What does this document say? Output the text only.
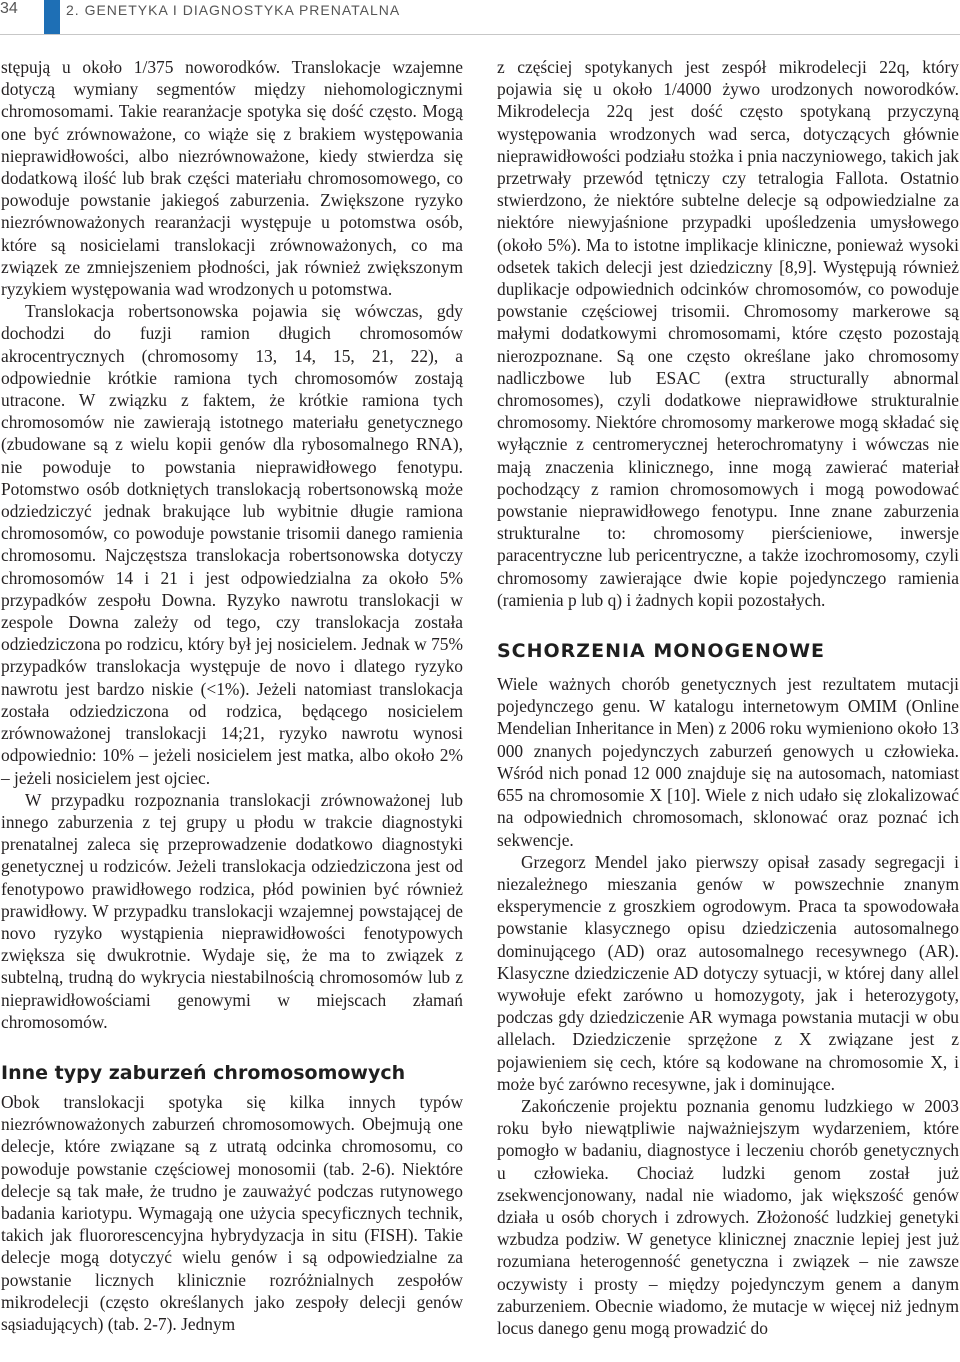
34	2. GENETYKA I DIAGNOSTYKA PRENATALNA

stępują u około 1/375 noworodków. Translokacje wzajemne dotyczą wymiany segmentów między niehomologicznymi chromosomami. Takie rearanżacje spotyka się dość często. Mogą one być zrównoważone, co wiąże się z brakiem występowania nieprawidłowości, albo niezrównoważone, kiedy stwierdza się dodatkową ilość lub brak części materiału chromosomowego, co powoduje powstanie jakiegoś zaburzenia. Zwiększone ryzyko niezrównoważonych rearanżacji występuje u potomstwa osób, które są nosicielami translokacji zrównoważonych, co ma związek ze zmniejszeniem płodności, jak również zwiększonym ryzykiem występowania wad wrodzonych u potomstwa.

Translokacja robertsonowska pojawia się wówczas, gdy dochodzi do fuzji ramion długich chromosomów akrocentrycznych (chromosomy 13, 14, 15, 21, 22), a odpowiednie krótkie ramiona tych chromosomów zostają utracone. W związku z faktem, że krótkie ramiona tych chromosomów nie zawierają istotnego materiału genetycznego (zbudowane są z wielu kopii genów dla rybosomalnego RNA), nie powoduje to powstania nieprawidłowego fenotypu. Potomstwo osób dotkniętych translokacją robertsonowską może odziedziczyć jednak brakujące lub wybitnie długie ramiona chromosomów, co powoduje powstanie trisomii danego ramienia chromosomu. Najczęstsza translokacja robertsonowska dotyczy chromosomów 14 i 21 i jest odpowiedzialna za około 5% przypadków zespołu Downa. Ryzyko nawrotu translokacji w zespole Downa zależy od tego, czy translokacja została odziedziczona po rodzicu, który był jej nosicielem. Jednak w 75% przypadków translokacja występuje de novo i dlatego ryzyko nawrotu jest bardzo niskie (<1%). Jeżeli natomiast translokacja została odziedziczona od rodzica, będącego nosicielem zrównoważonej translokacji 14;21, ryzyko nawrotu wynosi odpowiednio: 10% – jeżeli nosicielem jest matka, albo około 2% – jeżeli nosicielem jest ojciec.

W przypadku rozpoznania translokacji zrównoważonej lub innego zaburzenia z tej grupy u płodu w trakcie diagnostyki prenatalnej zaleca się przeprowadzenie dodatkowo diagnostyki genetycznej u rodziców. Jeżeli translokacja odziedziczona jest od fenotypowo prawidłowego rodzica, płód powinien być również prawidłowy. W przypadku translokacji wzajemnej powstającej de novo ryzyko wystąpienia nieprawidłowości fenotypowych zwiększa się dwukrotnie. Wydaje się, że ma to związek z subtelną, trudną do wykrycia niestabilnością chromosomów lub z nieprawidłowościami genowymi w miejscach złamań chromosomów.

Inne typy zaburzeń chromosomowych

Obok translokacji spotyka się kilka innych typów niezrównoważonych zaburzeń chromosomowych. Obejmują one delecje, które związane są z utratą odcinka chromosomu, co powoduje powstanie częściowej monosomii (tab. 2-6). Niektóre delecje są tak małe, że trudno je zauważyć podczas rutynowego badania kariotypu. Wymagają one użycia specyficznych technik, takich jak fluororescencyjna hybrydyzacja in situ (FISH). Takie delecje mogą dotyczyć wielu genów i są odpowiedzialne za powstanie licznych klinicznie rozróżnialnych zespołów mikrodelecji (często określanych jako zespoły delecji genów sąsiadujących) (tab. 2-7). Jednym

z częściej spotykanych jest zespół mikrodelecji 22q, który pojawia się u około 1/4000 żywo urodzonych noworodków. Mikrodelecja 22q jest dość często spotykaną przyczyną występowania wrodzonych wad serca, dotyczących głównie nieprawidłowości podziału stożka i pnia naczyniowego, takich jak przetrwały przewód tętniczy czy tetralogia Fallota. Ostatnio stwierdzono, że niektóre subtelne delecje są odpowiedzialne za niektóre niewyjaśnione przypadki upośledzenia umysłowego (około 5%). Ma to istotne implikacje kliniczne, ponieważ wysoki odsetek takich delecji jest dziedziczny [8,9]. Występują również duplikacje odpowiednich odcinków chromosomów, co powoduje powstanie częściowej trisomii. Chromosomy markerowe są małymi dodatkowymi chromosomami, które często pozostają nierozpoznane. Są one często określane jako chromosomy nadliczbowe lub ESAC (extra structurally abnormal chromosomes), czyli dodatkowe nieprawidłowe strukturalnie chromosomy. Niektóre chromosomy markerowe mogą składać się wyłącznie z centromerycznej heterochromatyny i wówczas nie mają znaczenia klinicznego, inne mogą zawierać materiał pochodzący z ramion chromosomowych i mogą powodować powstanie nieprawidłowego fenotypu. Inne znane zaburzenia strukturalne to: chromosomy pierścieniowe, inwersje paracentryczne lub pericentryczne, a także izochromosomy, czyli chromosomy zawierające dwie kopie pojedynczego ramienia (ramienia p lub q) i żadnych kopii pozostałych.

SCHORZENIA MONOGENOWE

Wiele ważnych chorób genetycznych jest rezultatem mutacji pojedynczego genu. W katalogu internetowym OMIM (Online Mendelian Inheritance in Men) z 2006 roku wymieniono około 13 000 znanych pojedynczych zaburzeń genowych u człowieka. Wśród nich ponad 12 000 znajduje się na autosomach, natomiast 655 na chromosomie X [10]. Wiele z nich udało się zlokalizować na odpowiednich chromosomach, sklonować oraz poznać ich sekwencje.

Grzegorz Mendel jako pierwszy opisał zasady segregacji i niezależnego mieszania genów w powszechnie znanym eksperymencie z groszkiem ogrodowym. Praca ta spowodowała powstanie klasycznego opisu dziedziczenia autosomalnego dominującego (AD) oraz autosomalnego recesywnego (AR). Klasyczne dziedziczenie AD dotyczy sytuacji, w której dany allel wywołuje efekt zarówno u homozygoty, jak i heterozygoty, podczas gdy dziedziczenie AR wymaga powstania mutacji w obu allelach. Dziedziczenie sprzężone z X związane jest z pojawieniem się cech, które są kodowane na chromosomie X, i może być zarówno recesywne, jak i dominujące.

Zakończenie projektu poznania genomu ludzkiego w 2003 roku było niewątpliwie najważniejszym wydarzeniem, które pomogło w badaniu, diagnostyce i leczeniu chorób genetycznych u człowieka. Chociaż ludzki genom został już zsekwencjonowany, nadal nie wiadomo, jak większość genów działa u osób chorych i zdrowych. Złożoność ludzkiej genetyki wzbudza podziw. W genetyce klinicznej znacznie lepiej jest już rozumiana heterogenność genetyczna i związek – nie zawsze oczywisty i prosty – między pojedynczym genem a danym zaburzeniem. Obecnie wiadomo, że mutacje w więcej niż jednym locus danego genu mogą prowadzić do
